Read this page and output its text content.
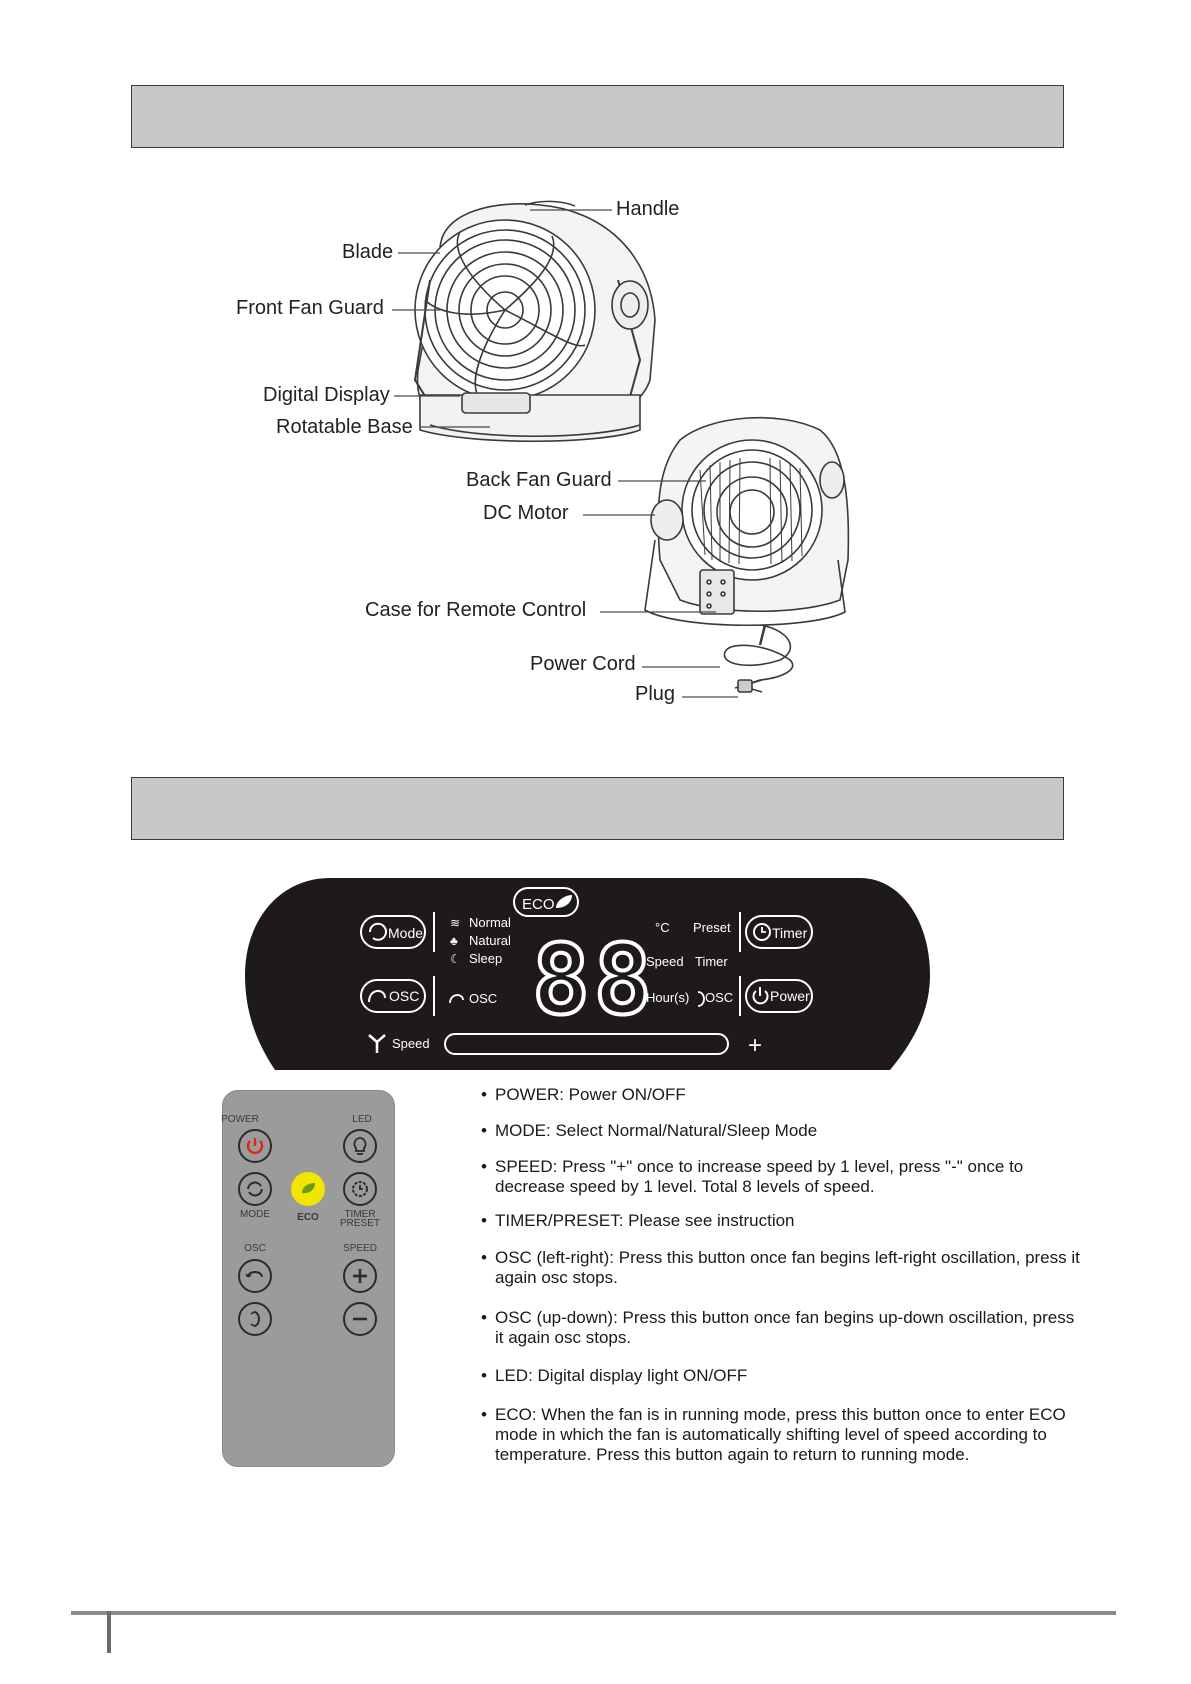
Handle
Blade
Front Fan Guard
Digital Display
Rotatable Base
Back Fan Guard
DC Motor
Case for Remote Control
Power Cord
Plug
ECO
Mode
OSC
≋ Normal
♣ Natural
☾ Sleep
OSC 88 °C Preset
Speed Timer
Hour(s) OSC
Timer
Power
Speed	+
POWER	LED
MODE	ECO	TIMER
PRESET
OSC	SPEED
• POWER: Power ON/OFF
• MODE: Select Normal/Natural/Sleep Mode
• SPEED: Press "+" once to increase speed by 1 level, press "-" once to decrease speed by 1 level. Total 8 levels of speed.
• TIMER/PRESET: Please see instruction
• OSC (left-right): Press this button once fan begins left-right oscillation, press it again osc stops.
• OSC (up-down): Press this button once fan begins up-down oscillation, press it again osc stops.
• LED: Digital display light ON/OFF
• ECO: When the fan is in running mode, press this button once to enter ECO mode in which the fan is automatically shifting level of speed according to temperature. Press this button again to return to running mode.
